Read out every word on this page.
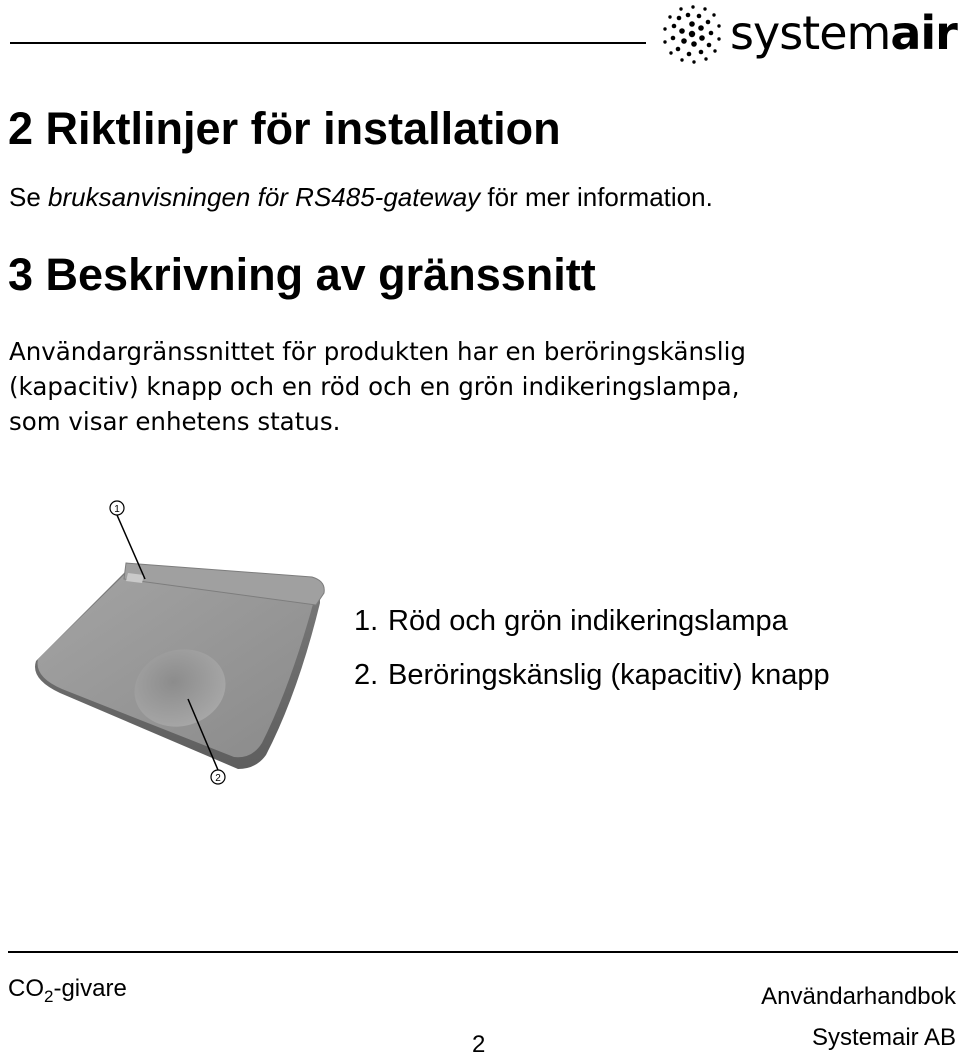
systemair
2 Riktlinjer för installation
Se bruksanvisningen för RS485-gateway för mer information.
3 Beskrivning av gränssnitt

Användargränssnittet för produkten har en beröringskänslig
(kapacitiv) knapp och en röd och en grön indikeringslampa,
som visar enhetens status.

1
2
1. Röd och grön indikeringslampa
2. Beröringskänslig (kapacitiv) knapp
$CO_2$-givare	Användarhandbok
2	Systemair AB
